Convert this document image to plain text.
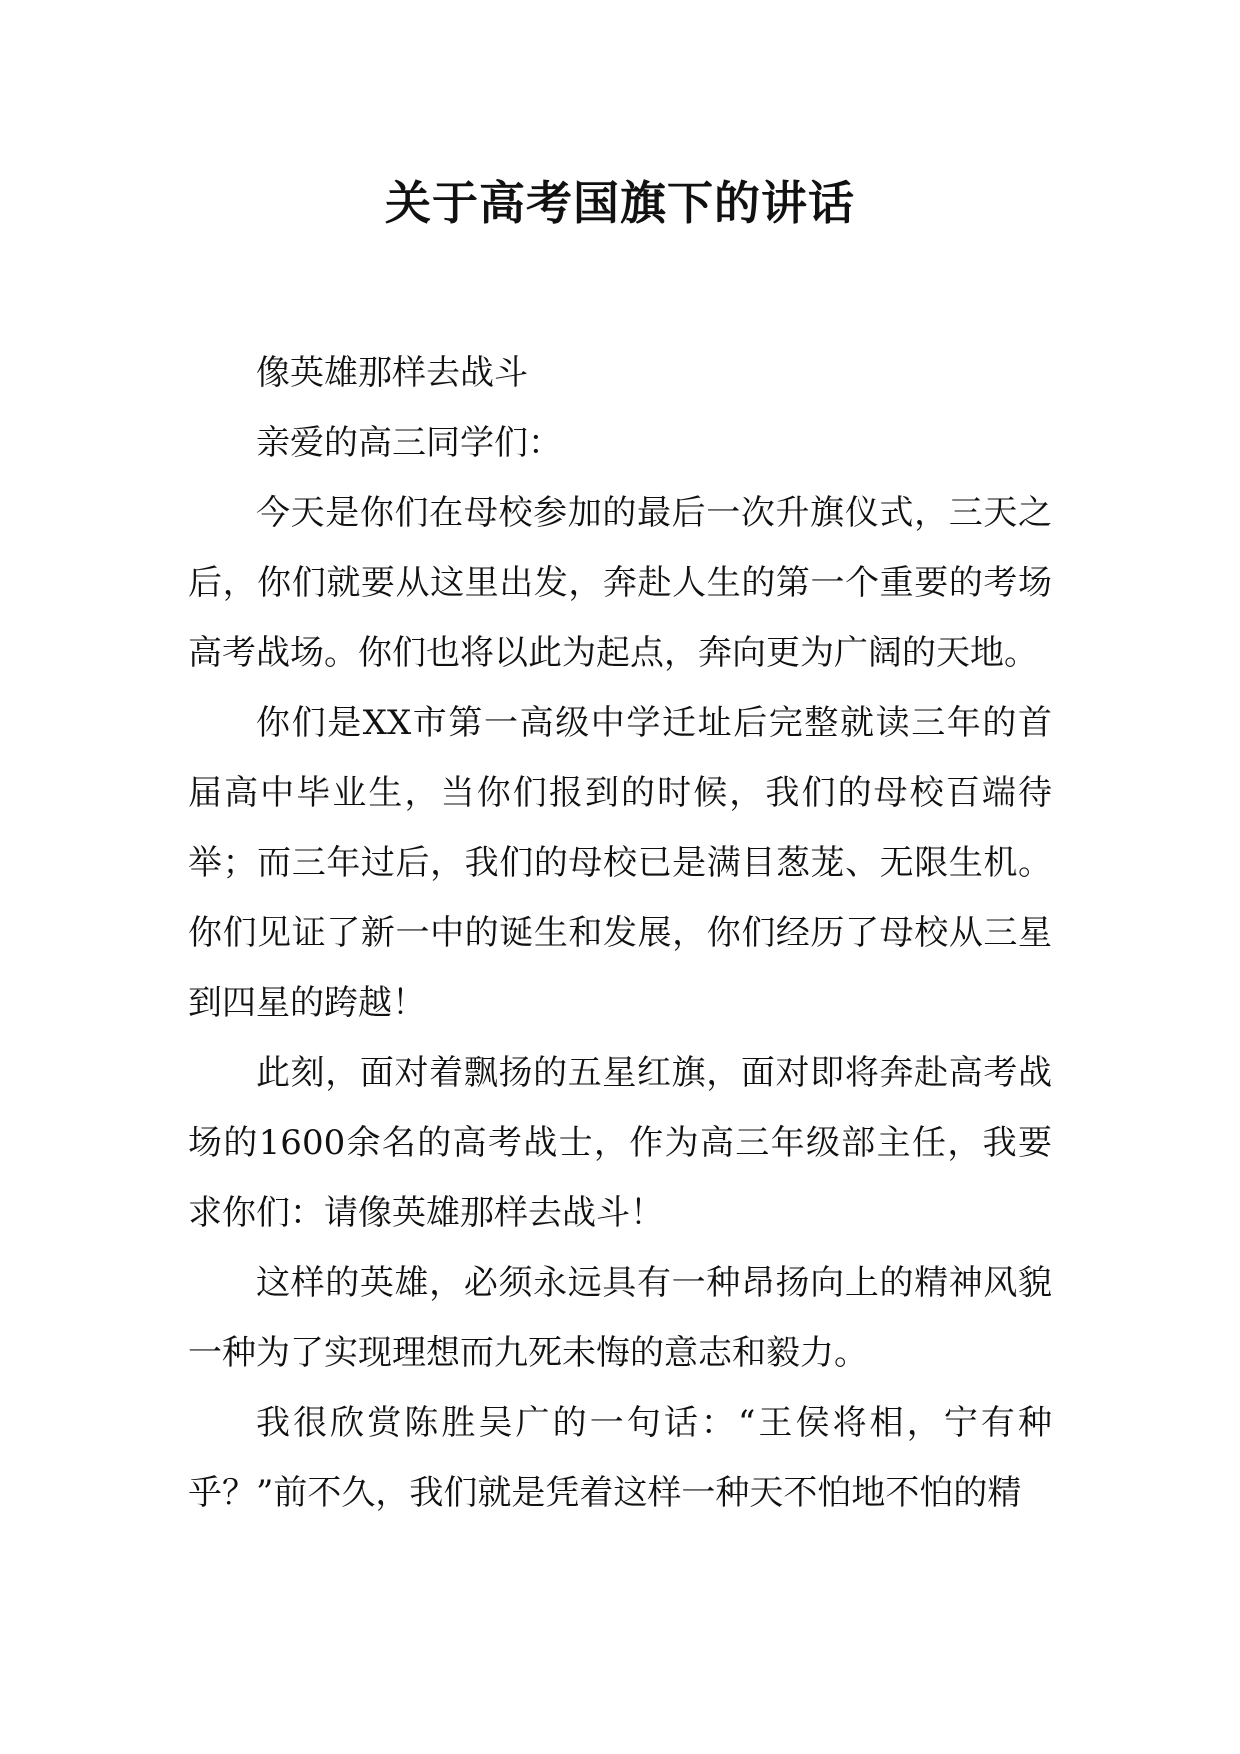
关于高考国旗下的讲话

像英雄那样去战斗

亲爱的高三同学们：

今天是你们在母校参加的最后一次升旗仪式，三天之后，你们就要从这里出发，奔赴人生的第一个重要的考场高考战场。你们也将以此为起点，奔向更为广阔的天地。

你们是XX市第一高级中学迁址后完整就读三年的首届高中毕业生，当你们报到的时候，我们的母校百端待举；而三年过后，我们的母校已是满目葱茏、无限生机。你们见证了新一中的诞生和发展，你们经历了母校从三星到四星的跨越！

此刻，面对着飘扬的五星红旗，面对即将奔赴高考战场的1600余名的高考战士，作为高三年级部主任，我要求你们：请像英雄那样去战斗！

这样的英雄，必须永远具有一种昂扬向上的精神风貌一种为了实现理想而九死未悔的意志和毅力。

我很欣赏陈胜吴广的一句话：“王侯将相，宁有种乎？”前不久，我们就是凭着这样一种天不怕地不怕的精
